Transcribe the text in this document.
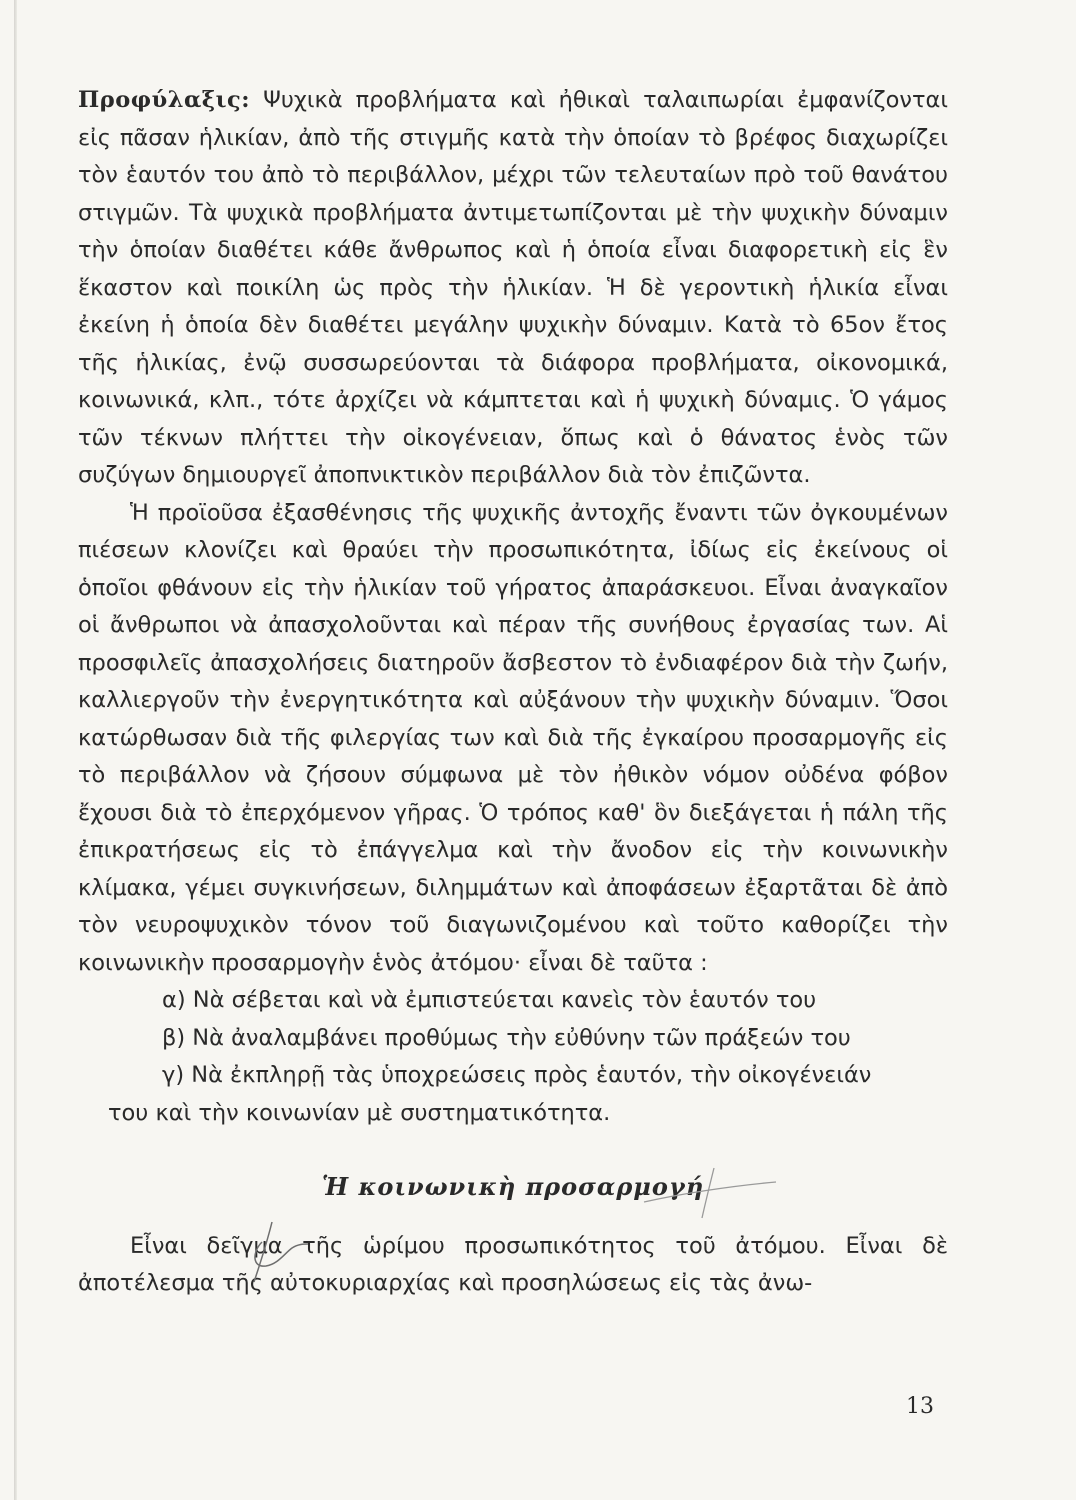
Προφύλαξις: Ψυχικὰ προβλήματα καὶ ἠθικαὶ ταλαιπωρίαι ἐμφανίζονται εἰς πᾶσαν ἡλικίαν, ἀπὸ τῆς στιγμῆς κατὰ τὴν ὁποίαν τὸ βρέφος διαχωρίζει τὸν ἑαυτόν του ἀπὸ τὸ περιβάλλον, μέχρι τῶν τελευταίων πρὸ τοῦ θανάτου στιγμῶν. Τὰ ψυχικὰ προβλήματα ἀντιμετωπίζονται μὲ τὴν ψυχικὴν δύναμιν τὴν ὁποίαν διαθέτει κάθε ἄνθρωπος καὶ ἡ ὁποία εἶναι διαφορετικὴ εἰς ἓν ἕκαστον καὶ ποικίλη ὡς πρὸς τὴν ἡλικίαν. Ἡ δὲ γεροντικὴ ἡλικία εἶναι ἐκείνη ἡ ὁποία δὲν διαθέτει μεγάλην ψυχικὴν δύναμιν. Κατὰ τὸ 65ον ἔτος τῆς ἡλικίας, ἐνῷ συσσωρεύονται τὰ διάφορα προβλήματα, οἰκονομικά, κοινωνικά, κλπ., τότε ἀρχίζει νὰ κάμπτεται καὶ ἡ ψυχικὴ δύναμις. Ὁ γάμος τῶν τέκνων πλήττει τὴν οἰκογένειαν, ὅπως καὶ ὁ θάνατος ἑνὸς τῶν συζύγων δημιουργεῖ ἀποπνικτικὸν περιβάλλον διὰ τὸν ἐπιζῶντα.

Ἡ προϊοῦσα ἐξασθένησις τῆς ψυχικῆς ἀντοχῆς ἔναντι τῶν ὀγκουμένων πιέσεων κλονίζει καὶ θραύει τὴν προσωπικότητα, ἰδίως εἰς ἐκείνους οἱ ὁποῖοι φθάνουν εἰς τὴν ἡλικίαν τοῦ γήρατος ἀπαράσκευοι. Εἶναι ἀναγκαῖον οἱ ἄνθρωποι νὰ ἀπασχολοῦνται καὶ πέραν τῆς συνήθους ἐργασίας των. Αἱ προσφιλεῖς ἀπασχολήσεις διατηροῦν ἄσβεστον τὸ ἐνδιαφέρον διὰ τὴν ζωήν, καλλιεργοῦν τὴν ἐνεργητικότητα καὶ αὐξάνουν τὴν ψυχικὴν δύναμιν. Ὅσοι κατώρθωσαν διὰ τῆς φιλεργίας των καὶ διὰ τῆς ἐγκαίρου προσαρμογῆς εἰς τὸ περιβάλλον νὰ ζήσουν σύμφωνα μὲ τὸν ἠθικὸν νόμον οὐδένα φόβον ἔχουσι διὰ τὸ ἐπερχόμενον γῆρας. Ὁ τρόπος καθ' ὃν διεξάγεται ἡ πάλη τῆς ἐπικρατήσεως εἰς τὸ ἐπάγγελμα καὶ τὴν ἄνοδον εἰς τὴν κοινωνικὴν κλίμακα, γέμει συγκινήσεων, διλημμάτων καὶ ἀποφάσεων ἐξαρτᾶται δὲ ἀπὸ τὸν νευροψυχικὸν τόνον τοῦ διαγωνιζομένου καὶ τοῦτο καθορίζει τὴν κοινωνικὴν προσαρμογὴν ἑνὸς ἀτόμου· εἶναι δὲ ταῦτα :

α) Νὰ σέβεται καὶ νὰ ἐμπιστεύεται κανεὶς τὸν ἑαυτόν του

β) Νὰ ἀναλαμβάνει προθύμως τὴν εὐθύνην τῶν πράξεών του

γ) Νὰ ἐκπληρῇ τὰς ὑποχρεώσεις πρὸς ἑαυτόν, τὴν οἰκογένειάν

του καὶ τὴν κοινωνίαν μὲ συστηματικότητα.

Ἡ κοινωνικὴ προσαρμογή

Εἶναι δεῖγμα τῆς ὡρίμου προσωπικότητος τοῦ ἀτόμου. Εἶναι δὲ ἀποτέλεσμα τῆς αὐτοκυριαρχίας καὶ προσηλώσεως εἰς τὰς ἀνω-

13
